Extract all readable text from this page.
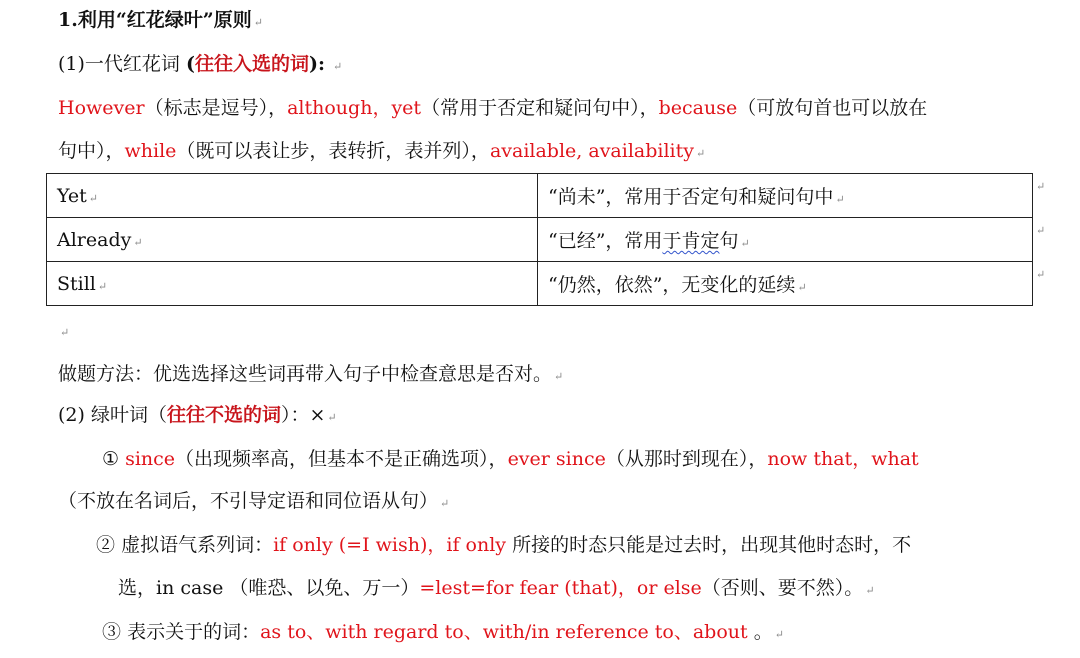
1.利用“红花绿叶”原则 ↵
(1)一代红花词 (往往入选的词): ↵
However（标志是逗号），although，yet（常用于否定和疑问句中），because（可放句首也可以放在
句中），while（既可以表让步，表转折，表并列），available, availability ↵
Yet ↵	“尚未”，常用于否定句和疑问句中 ↵
Already ↵	“已经”，常用于肯定句 ↵
Still ↵	“仍然，依然”，无变化的延续 ↵
↵
↵
↵
↵
做题方法：优选选择这些词再带入句子中检查意思是否对。 ↵
(2) 绿叶词（往往不选的词）：× ↵
① since（出现频率高，但基本不是正确选项），ever since（从那时到现在），now that，what
（不放在名词后，不引导定语和同位语从句） ↵
② 虚拟语气系列词：if only (=I wish)，if only 所接的时态只能是过去时，出现其他时态时，不
选，in case （唯恐、以免、万一）=lest=for fear (that)，or else（否则、要不然）。 ↵
③ 表示关于的词：as to、with regard to、with/in reference to、about 。 ↵
